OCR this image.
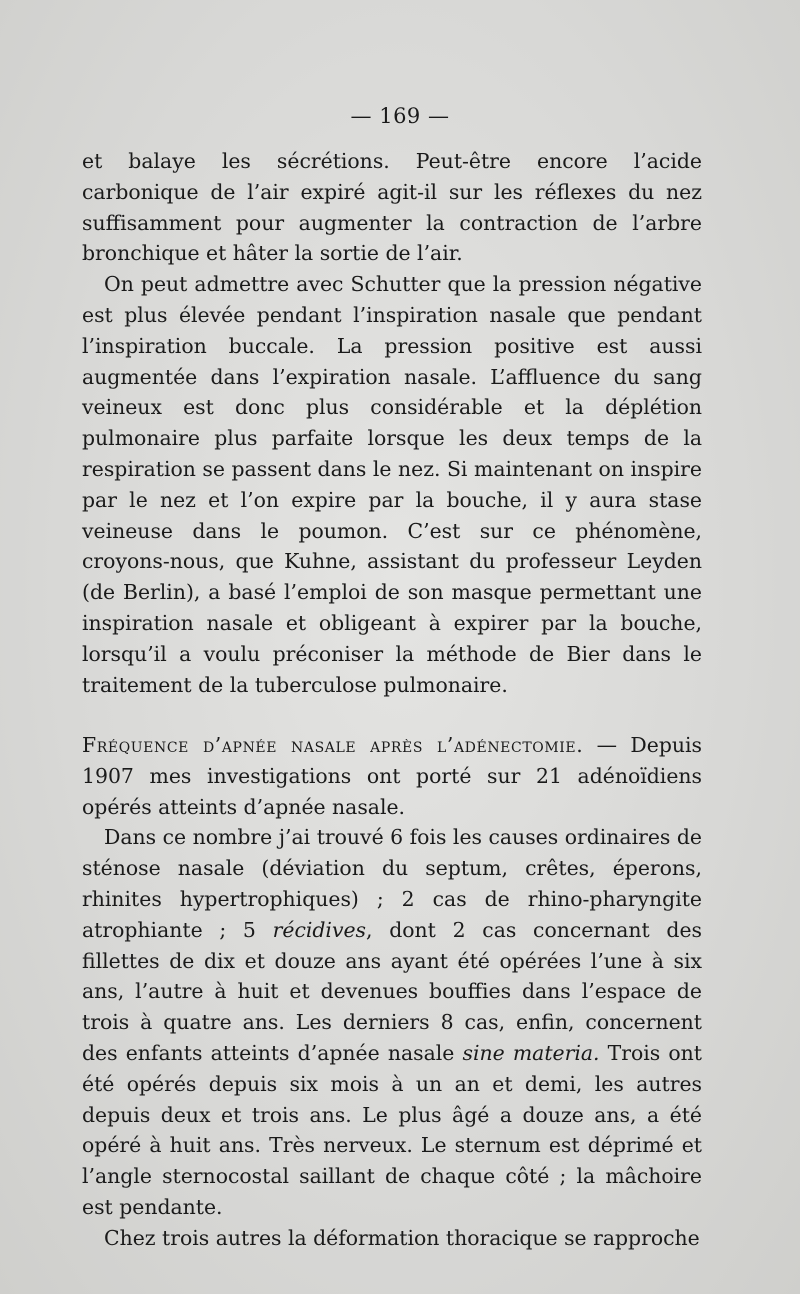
— 169 —

et balaye les sécrétions. Peut-être encore l’acide carbonique de l’air expiré agit-il sur les réflexes du nez suffisamment pour augmenter la contraction de l’arbre bronchique et hâter la sortie de l’air.

On peut admettre avec Schutter que la pression négative est plus élevée pendant l’inspiration nasale que pendant l’inspiration buccale. La pression positive est aussi augmentée dans l’expiration nasale. L’affluence du sang veineux est donc plus considérable et la déplétion pulmonaire plus parfaite lorsque les deux temps de la respiration se passent dans le nez. Si maintenant on inspire par le nez et l’on expire par la bouche, il y aura stase veineuse dans le poumon. C’est sur ce phénomène, croyons-nous, que Kuhne, assistant du professeur Leyden (de Berlin), a basé l’emploi de son masque permettant une inspiration nasale et obligeant à expirer par la bouche, lorsqu’il a voulu préconiser la méthode de Bier dans le traitement de la tuberculose pulmonaire.

Fréquence d’apnée nasale après l’adénectomie. — Depuis 1907 mes investigations ont porté sur 21 adénoïdiens opérés atteints d’apnée nasale.

Dans ce nombre j’ai trouvé 6 fois les causes ordinaires de sténose nasale (déviation du septum, crêtes, éperons, rhinites hypertrophiques) ; 2 cas de rhino-pharyngite atrophiante ; 5 récidives, dont 2 cas concernant des fillettes de dix et douze ans ayant été opérées l’une à six ans, l’autre à huit et devenues bouffies dans l’espace de trois à quatre ans. Les derniers 8 cas, enfin, concernent des enfants atteints d’apnée nasale sine materia. Trois ont été opérés depuis six mois à un an et demi, les autres depuis deux et trois ans. Le plus âgé a douze ans, a été opéré à huit ans. Très nerveux. Le sternum est déprimé et l’angle sternocostal saillant de chaque côté ; la mâchoire est pendante.

Chez trois autres la déformation thoracique se rapproche
